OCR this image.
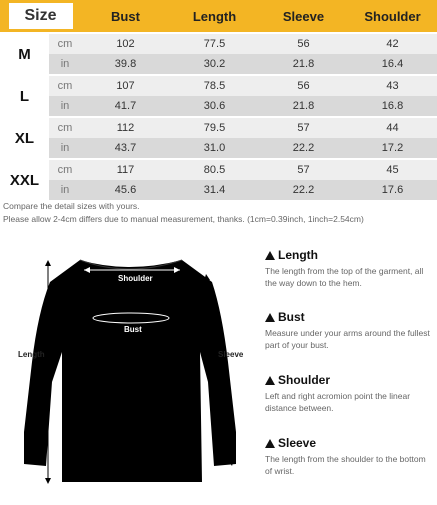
Size	Bust	Length	Sleeve	Shoulder
M
cm	102	77.5	56	42
in	39.8	30.2	21.8	16.4
L
cm	107	78.5	56	43
in	41.7	30.6	21.8	16.8
XL
cm	112	79.5	57	44
in	43.7	31.0	22.2	17.2
XXL
cm	117	80.5	57	45
in	45.6	31.4	22.2	17.6
Compare the detail sizes with yours.
Please allow 2-4cm differs due to manual measurement, thanks. (1cm=0.39inch, 1inch=2.54cm)
Shoulder
Bust
Length	Sleeve
Length
The length from the top of the garment, all the way down to the hem.
Bust
Measure under your arms around the fullest part of your bust.
Shoulder
Left and right acromion point the linear distance between.
Sleeve
The length from the shoulder to the bottom of wrist.
